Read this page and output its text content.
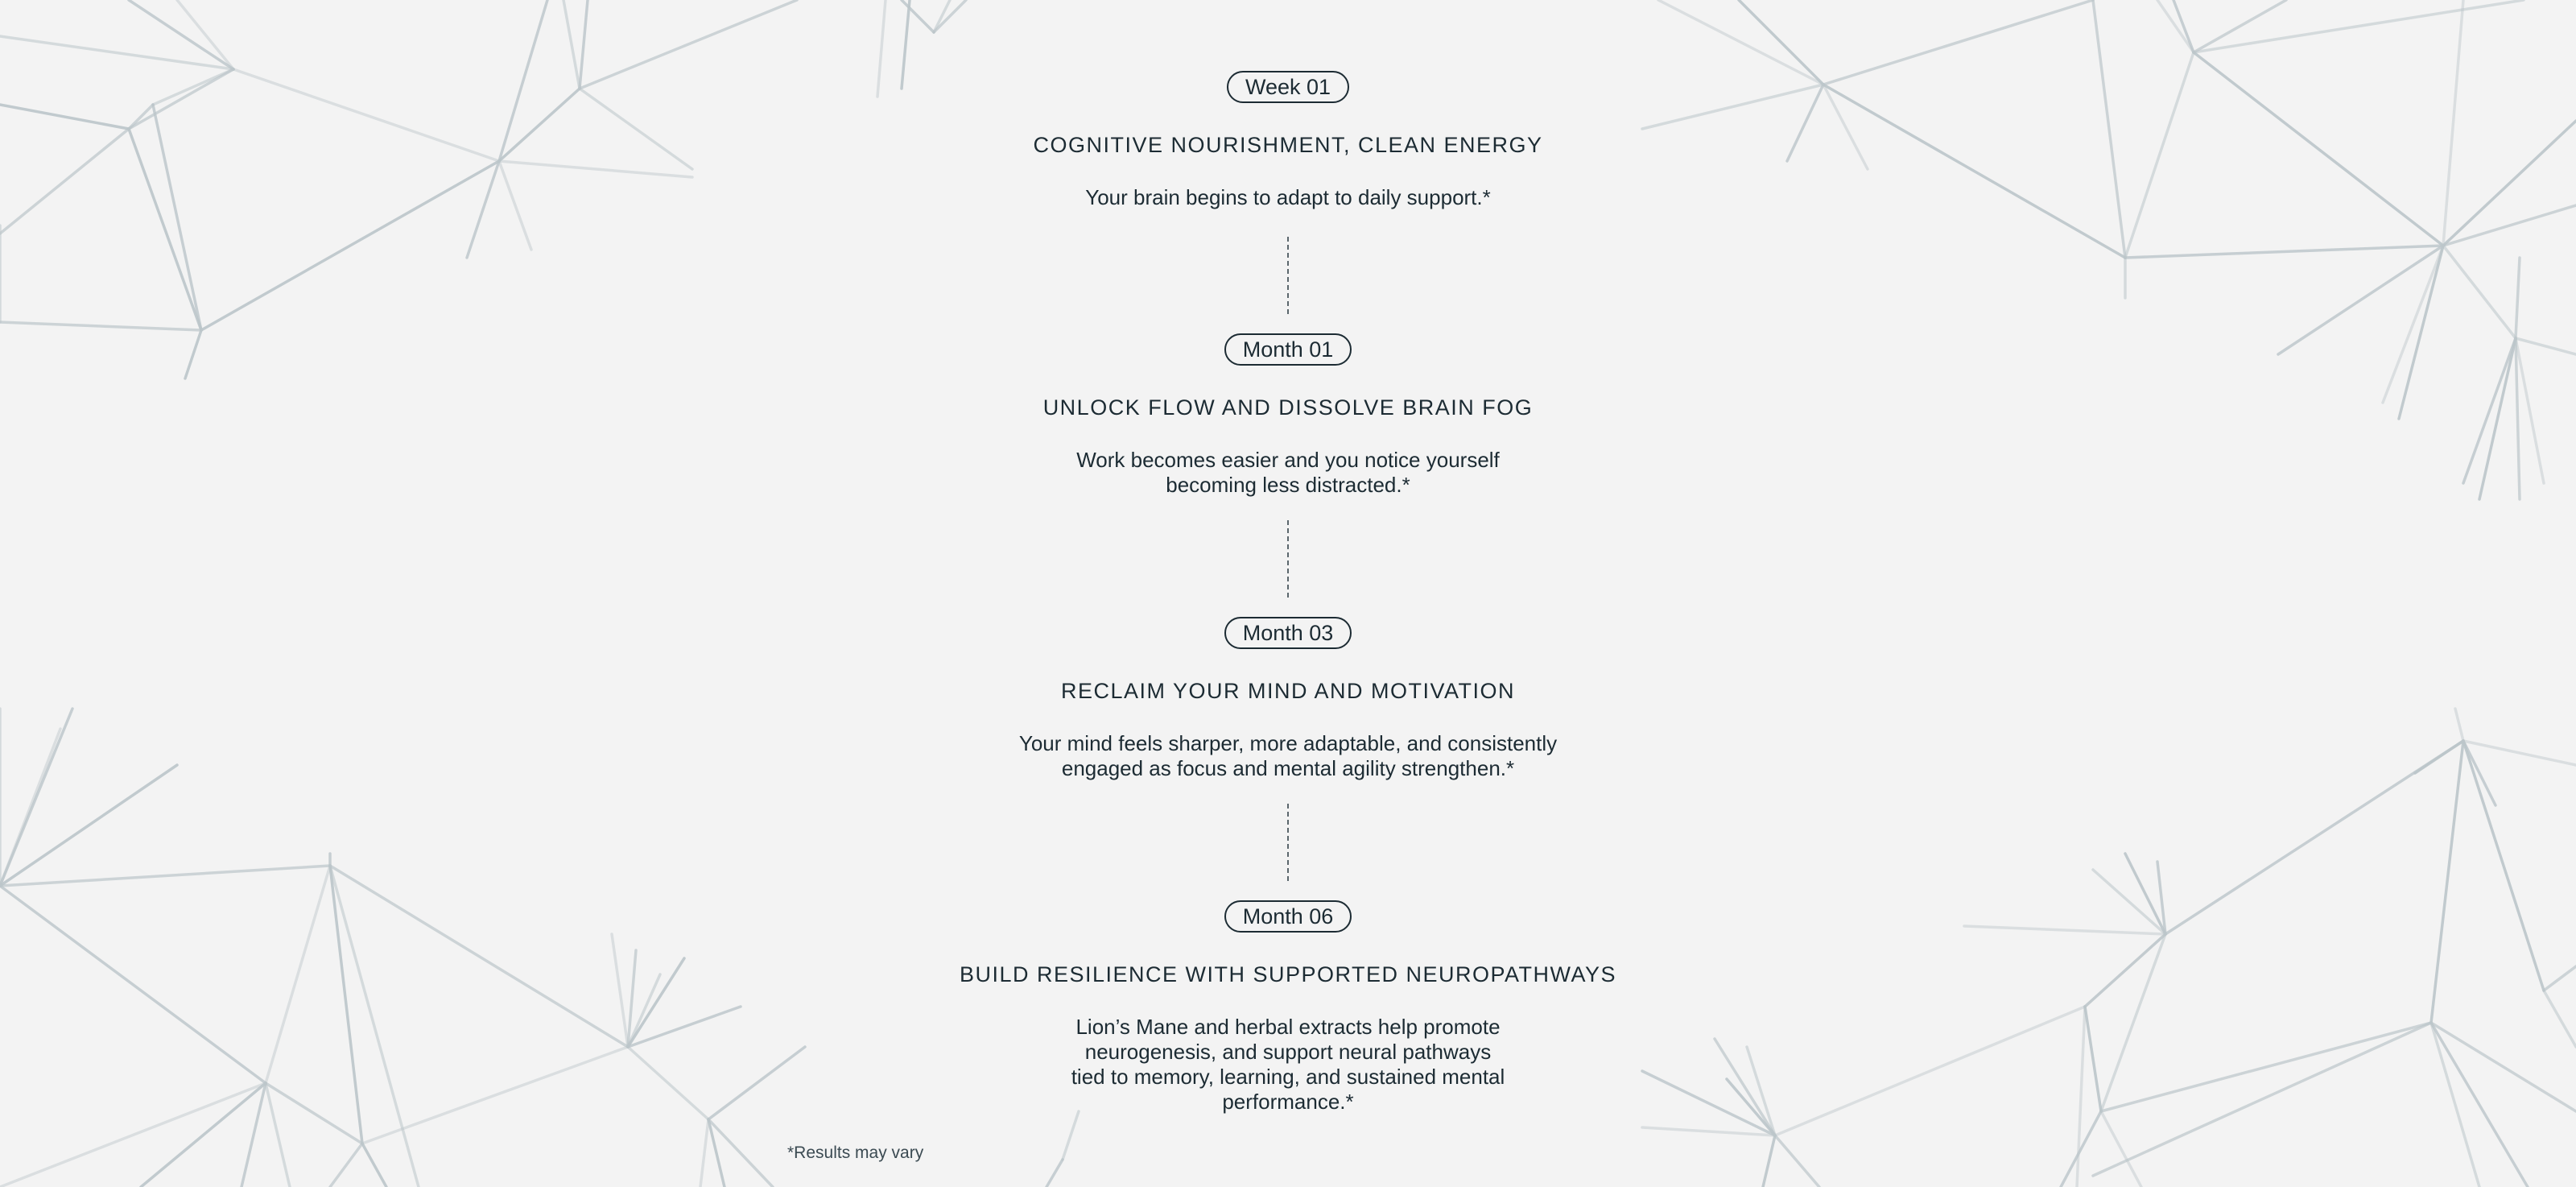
Week 01
COGNITIVE NOURISHMENT, CLEAN ENERGY
Your brain begins to adapt to daily support.*
Month 01
UNLOCK FLOW AND DISSOLVE BRAIN FOG
Work becomes easier and you notice yourself
becoming less distracted.*
Month 03
RECLAIM YOUR MIND AND MOTIVATION
Your mind feels sharper, more adaptable, and consistently
engaged as focus and mental agility strengthen.*
Month 06
BUILD RESILIENCE WITH SUPPORTED NEUROPATHWAYS
Lion’s Mane and herbal extracts help promote
neurogenesis, and support neural pathways
tied to memory, learning, and sustained mental
performance.*
*Results may vary
